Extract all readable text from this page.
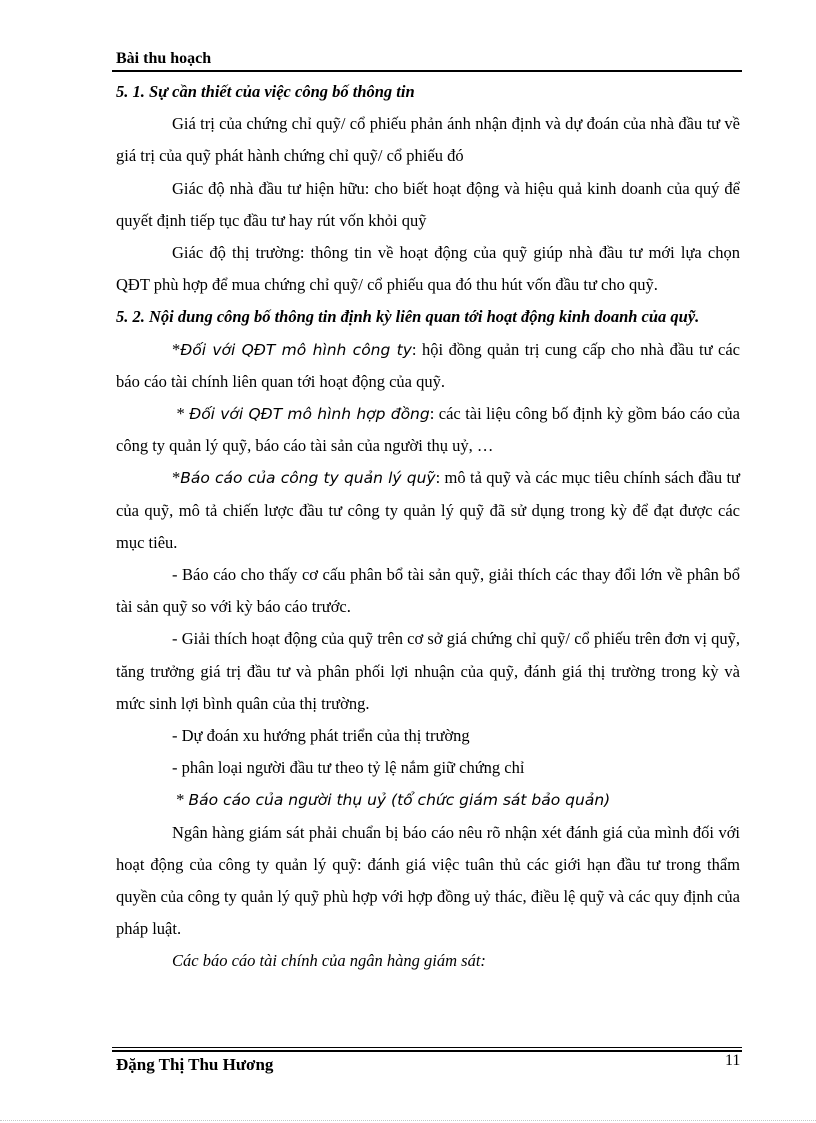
Bài thu hoạch

5. 1. Sự cần thiết của việc công bố thông tin

Giá trị của chứng chỉ quỹ/ cổ phiếu phản ánh nhận định và dự đoán của nhà đầu tư về giá trị của quỹ phát hành chứng chỉ quỹ/ cổ phiếu đó

Giác độ nhà đầu tư hiện hữu: cho biết hoạt động và hiệu quả kinh doanh của quý để quyết định tiếp tục đầu tư hay rút vốn khỏi quỹ

Giác độ thị trường: thông tin về hoạt động của quỹ giúp nhà đầu tư mới lựa chọn QĐT phù hợp để mua chứng chỉ quỹ/ cổ phiếu qua đó thu hút vốn đầu tư cho quỹ.

5. 2. Nội dung công bố thông tin định kỳ liên quan tới hoạt động kinh doanh của quỹ.

*Đối với QĐT mô hình công ty: hội đồng quản trị cung cấp cho nhà đầu tư các báo cáo tài chính liên quan tới hoạt động của quỹ.

* Đối với QĐT mô hình hợp đồng: các tài liệu công bố định kỳ gồm báo cáo của công ty quản lý quỹ, báo cáo tài sản của người thụ uỷ, …

*Báo cáo của công ty quản lý quỹ: mô tả quỹ và các mục tiêu chính sách đầu tư của quỹ, mô tả chiến lược đầu tư công ty quản lý quỹ đã sử dụng trong kỳ để đạt được các mục tiêu.

- Báo cáo cho thấy cơ cấu phân bổ tài sản quỹ, giải thích các thay đổi lớn về phân bổ tài sản quỹ so với kỳ báo cáo trước.

- Giải thích hoạt động của quỹ trên cơ sở giá chứng chỉ quỹ/ cổ phiếu trên đơn vị quỹ, tăng trưởng giá trị đầu tư và phân phối lợi nhuận của quỹ, đánh giá thị trường trong kỳ và mức sinh lợi bình quân của thị trường.

- Dự đoán xu hướng phát triển của thị trường

- phân loại người đầu tư theo tỷ lệ nắm giữ chứng chỉ

* Báo cáo của người thụ uỷ (tổ chức giám sát bảo quản)

Ngân hàng giám sát phải chuẩn bị báo cáo nêu rõ nhận xét đánh giá của mình đối với hoạt động của công ty quản lý quỹ: đánh giá việc tuân thủ các giới hạn đầu tư trong thẩm quyền của công ty quản lý quỹ phù hợp với hợp đồng uỷ thác, điều lệ quỹ và các quy định của pháp luật.

Các báo cáo tài chính của ngân hàng giám sát:

Đặng Thị Thu Hương	11
